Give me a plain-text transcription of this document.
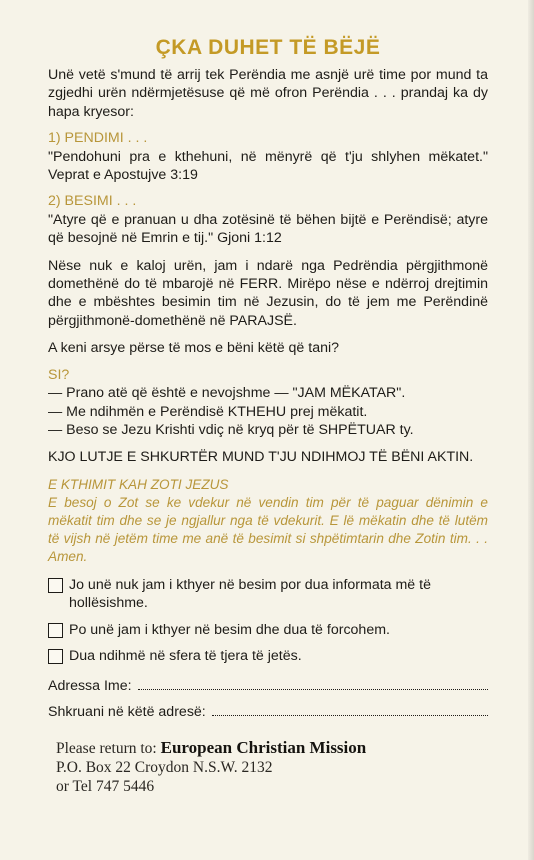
ÇKA DUHET TË BËJË

Unë vetë s'mund të arrij tek Perëndia me asnjë urë time por mund ta zgjedhi urën ndërmjetësuse që më ofron Perëndia . . . prandaj ka dy hapa kryesor:

1) PENDIMI . . .

"Pendohuni pra e kthehuni, në mënyrë që t'ju shlyhen mëkatet." Veprat e Apostujve 3:19

2) BESIMI . . .

"Atyre që e pranuan u dha zotësinë të bëhen bijtë e Perëndisë; atyre që besojnë në Emrin e tij." Gjoni 1:12

Nëse nuk e kaloj urën, jam i ndarë nga Pedrëndia përgjithmonë domethënë do të mbarojë në FERR. Mirëpo nëse e ndërroj drejtimin dhe e mbështes besimin tim në Jezusin, do të jem me Perëndinë përgjithmonë-domethënë në PARAJSË.

A keni arsye përse të mos e bëni këtë që tani?

SI?

— Prano atë që është e nevojshme — "JAM MËKATAR".

— Me ndihmën e Perëndisë KTHEHU prej mëkatit.

— Beso se Jezu Krishti vdiç në kryq për të SHPËTUAR ty.

KJO LUTJE E SHKURTËR MUND T'JU NDIHMOJ TË BËNI AKTIN.

E KTHIMIT KAH ZOTI JEZUS

E besoj o Zot se ke vdekur në vendin tim për të paguar dënimin e mëkatit tim dhe se je ngjallur nga të vdekurit. E lë mëkatin dhe të lutëm të vijsh në jetëm time me anë të besimit si shpëtimtarin dhe Zotin tim. . . Amen.

Jo unë nuk jam i kthyer në besim por dua informata më të hollësishme.
Po unë jam i kthyer në besim dhe dua të forcohem.
Dua ndihmë në sfera të tjera të jetës.
Adressa Ime:
Shkruani në këtë adresë:
Please return to: European Christian Mission
P.O. Box 22 Croydon N.S.W. 2132
or Tel 747 5446
